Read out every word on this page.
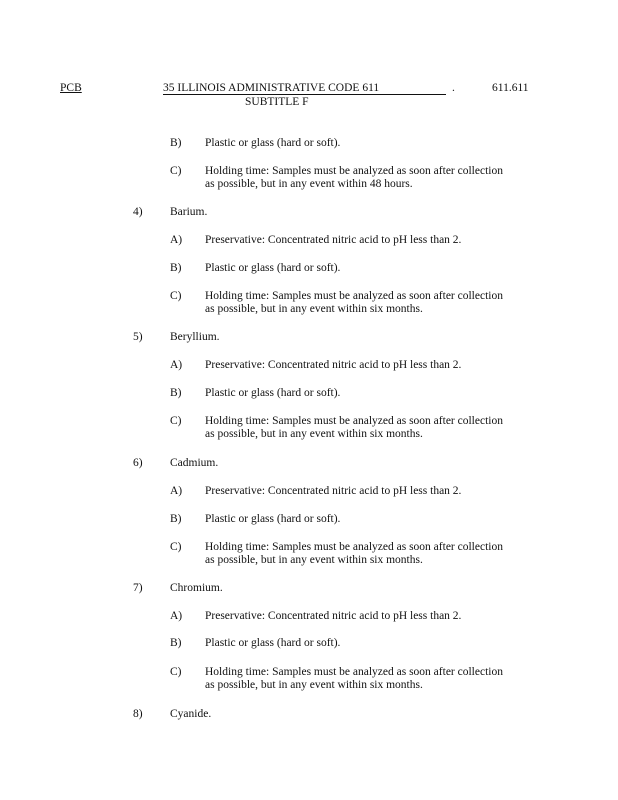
PCB	35 ILLINOIS ADMINISTRATIVE CODE 611	.	611.611
SUBTITLE F
B) Plastic or glass (hard or soft).
C) Holding time: Samples must be analyzed as soon after collection
as possible, but in any event within 48 hours.
4) Barium.
A) Preservative: Concentrated nitric acid to pH less than 2.
B) Plastic or glass (hard or soft).
C) Holding time: Samples must be analyzed as soon after collection
as possible, but in any event within six months.
5) Beryllium.
A) Preservative: Concentrated nitric acid to pH less than 2.
B) Plastic or glass (hard or soft).
C) Holding time: Samples must be analyzed as soon after collection
as possible, but in any event within six months.
6) Cadmium.
A) Preservative: Concentrated nitric acid to pH less than 2.
B) Plastic or glass (hard or soft).
C) Holding time: Samples must be analyzed as soon after collection
as possible, but in any event within six months.
7) Chromium.
A) Preservative: Concentrated nitric acid to pH less than 2.
B) Plastic or glass (hard or soft).
C) Holding time: Samples must be analyzed as soon after collection
as possible, but in any event within six months.
8) Cyanide.
